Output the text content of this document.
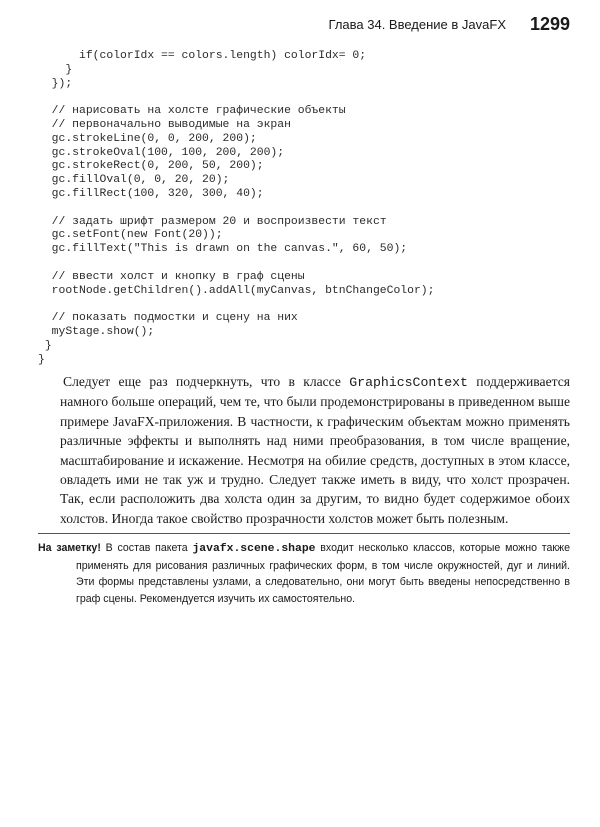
Глава 34. Введение в JavaFX 1299
if(colorIdx == colors.length) colorIdx= 0;
}
});
// нарисовать на холсте графические объекты
// первоначально выводимые на экран
gc.strokeLine(0, 0, 200, 200);
gc.strokeOval(100, 100, 200, 200);
gc.strokeRect(0, 200, 50, 200);
gc.fillOval(0, 0, 20, 20);
gc.fillRect(100, 320, 300, 40);
// задать шрифт размером 20 и воспроизвести текст
gc.setFont(new Font(20));
gc.fillText("This is drawn on the canvas.", 60, 50);
// ввести холст и кнопку в граф сцены
rootNode.getChildren().addAll(myCanvas, btnChangeColor);
// показать подмостки и сцену на них
myStage.show();
}
}

Следует еще раз подчеркнуть, что в классе GraphicsContext поддерживается намного больше операций, чем те, что были продемонстрированы в приведенном выше примере JavaFX-приложения. В частности, к графическим объектам можно применять различные эффекты и выполнять над ними преобразования, в том числе вращение, масштабирование и искажение. Несмотря на обилие средств, доступных в этом классе, овладеть ими не так уж и трудно. Следует также иметь в виду, что холст прозрачен. Так, если расположить два холста один за другим, то видно будет содержимое обоих холстов. Иногда такое свойство прозрачности холстов может быть полезным.

На заметку! В состав пакета javafx.scene.shape входит несколько классов, которые можно также применять для рисования различных графических форм, в том числе окружностей, дуг и линий. Эти формы представлены узлами, а следовательно, они могут быть введены непосредственно в граф сцены. Рекомендуется изучить их самостоятельно.
